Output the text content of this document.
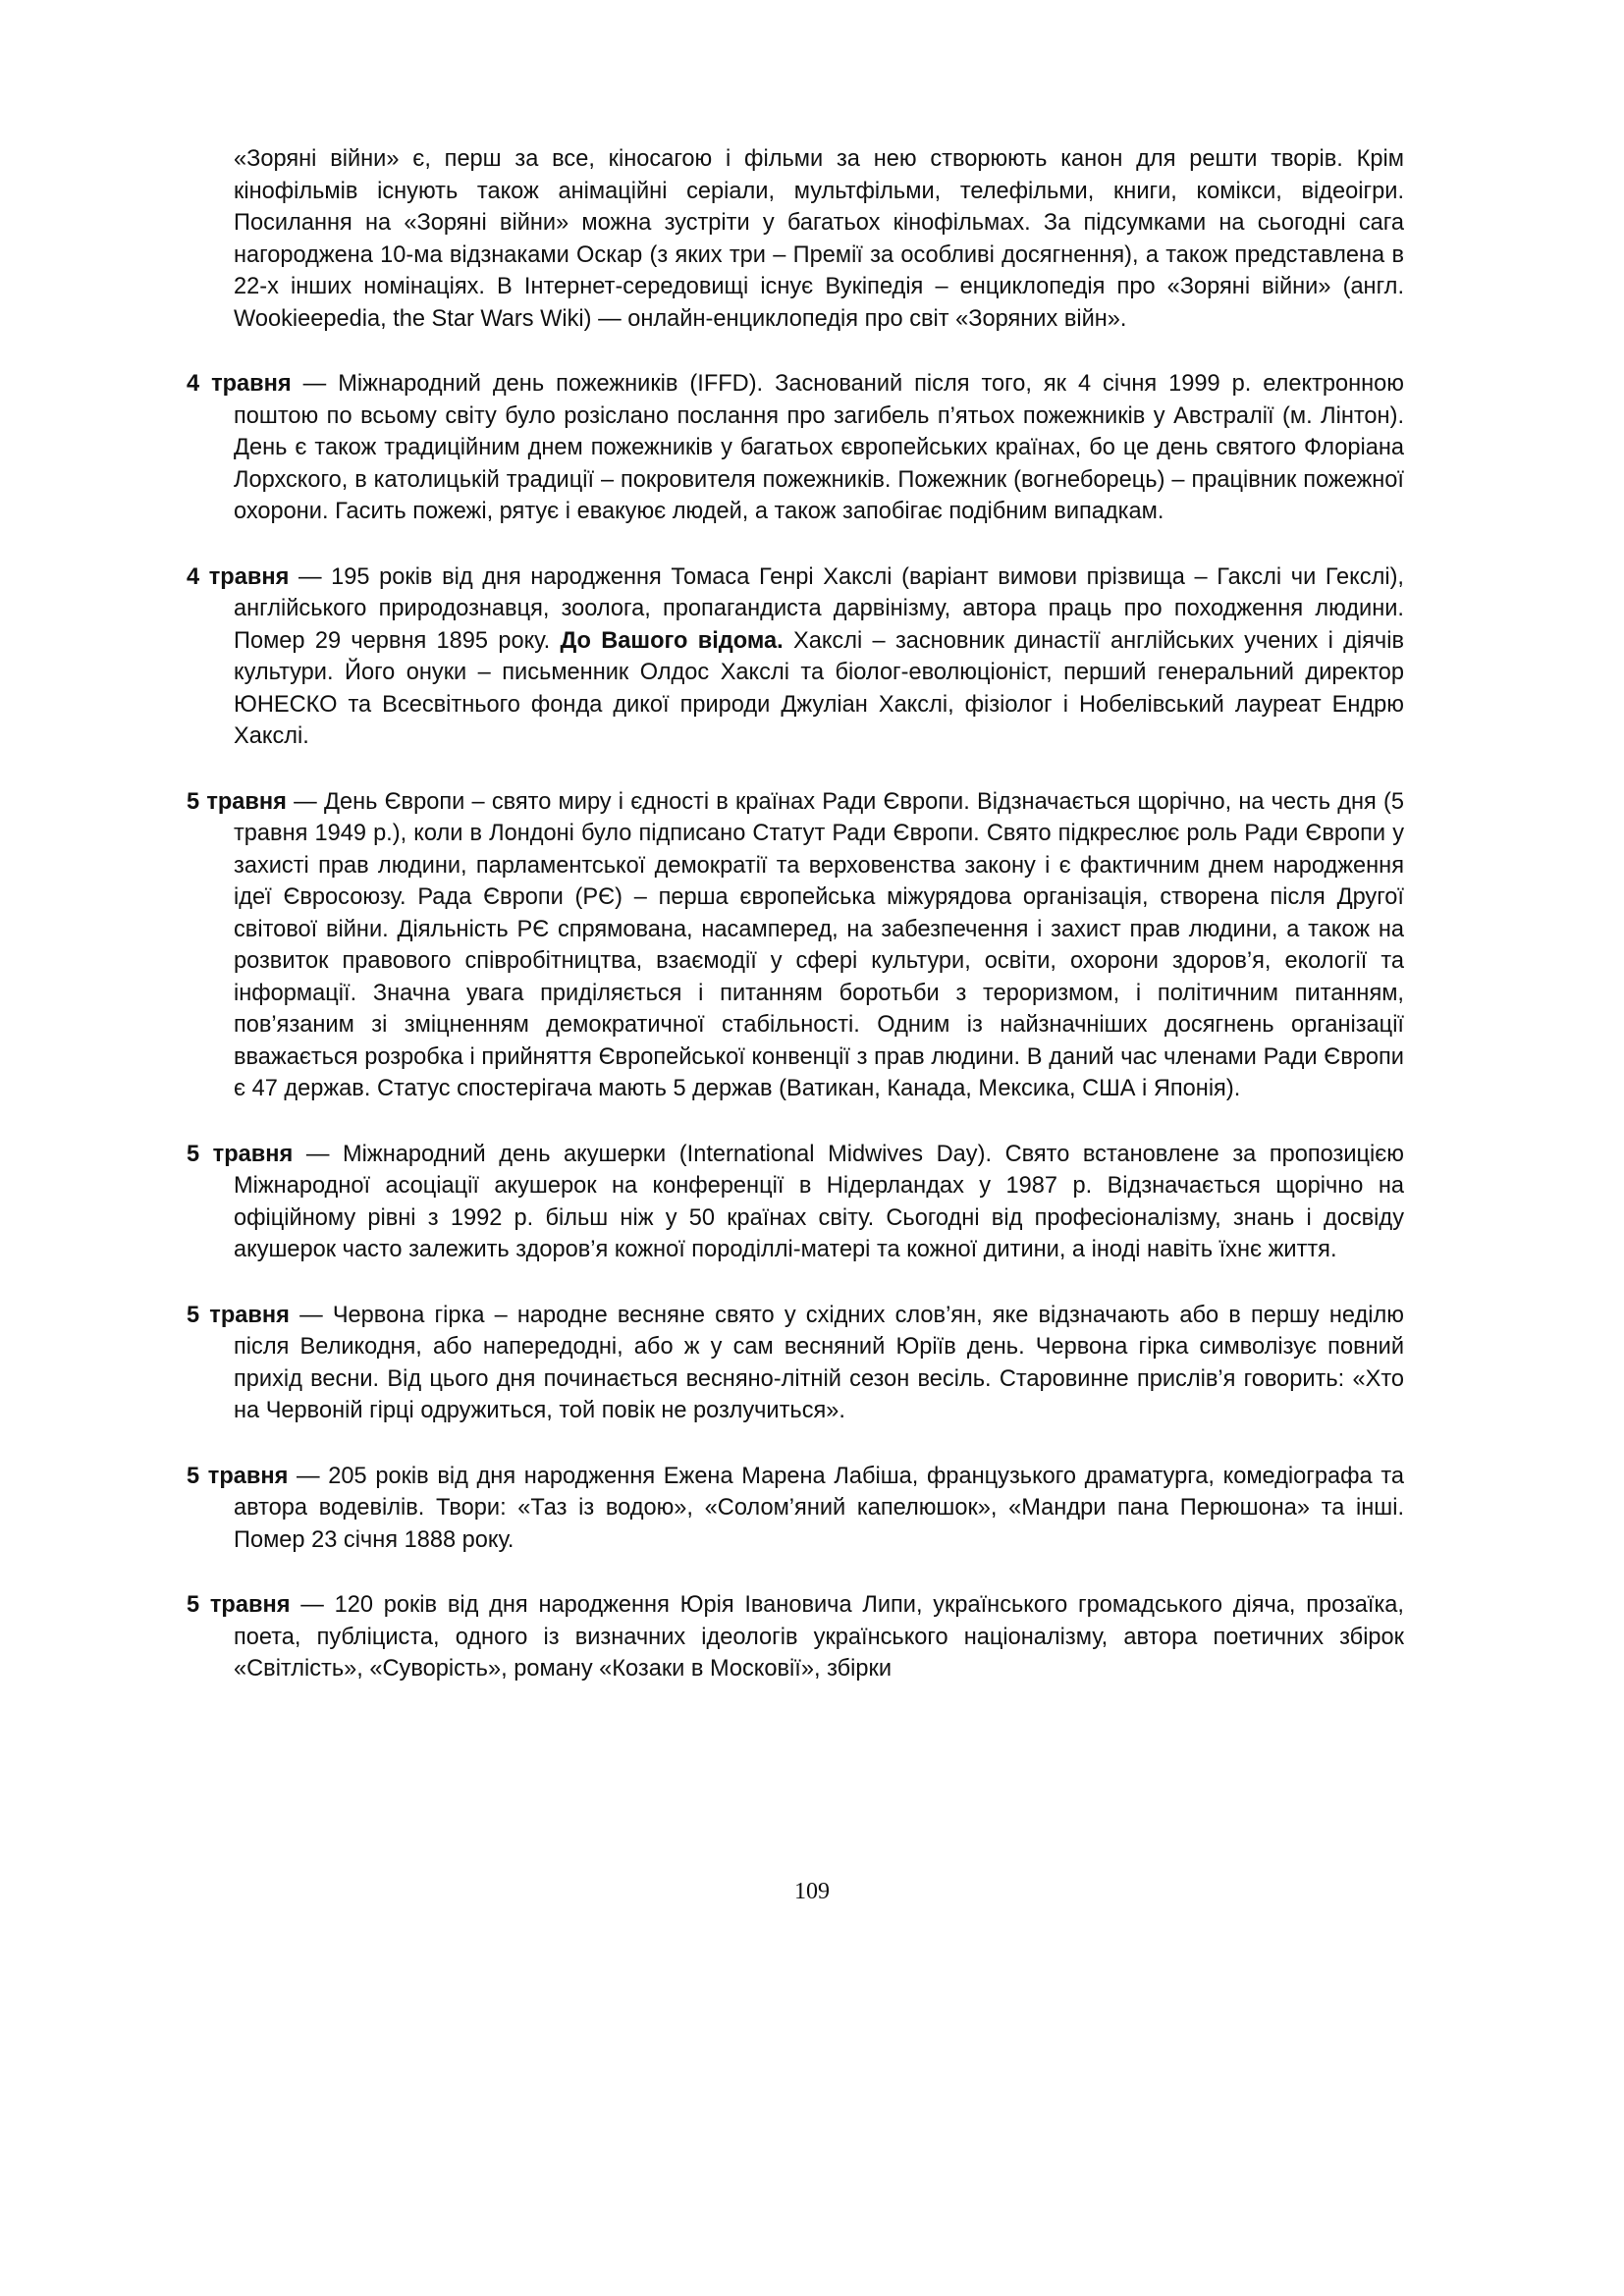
«Зоряні війни» є, перш за все, кіносагою і фільми за нею створюють канон для решти творів. Крім кінофільмів існують також анімаційні серіали, мультфільми, телефільми, книги, комікси, відеоігри. Посилання на «Зоряні війни» можна зустріти у багатьох кінофільмах. За підсумками на сьогодні сага нагороджена 10-ма відзнаками Оскар (з яких три – Премії за особливі досягнення), а також представлена в 22-х інших номінаціях. В Інтернет-середовищі існує Вукіпедія – енциклопедія про «Зоряні війни» (англ. Wookieepedia, the Star Wars Wiki) — онлайн-енциклопедія про світ «Зоряних війн».

4 травня — Міжнародний день пожежників (IFFD). Заснований після того, як 4 січня 1999 р. електронною поштою по всьому світу було розіслано послання про загибель п’ятьох пожежників у Австралії (м. Лінтон). День є також традиційним днем пожежників у багатьох європейських країнах, бо це день святого Флоріана Лорхского, в католицькій традиції – покровителя пожежників. Пожежник (вогнеборець) – працівник пожежної охорони. Гасить пожежі, рятує і евакуює людей, а також запобігає подібним випадкам.

4 травня — 195 років від дня народження Томаса Генрі Хакслі (варіант вимови прізвища – Гакслі чи Гекслі), англійського природознавця, зоолога, пропагандиста дарвінізму, автора праць про походження людини. Помер 29 червня 1895 року. До Вашого відома. Хакслі – засновник династії англійських учених і діячів культури. Його онуки – письменник Олдос Хакслі та біолог-еволюціоніст, перший генеральний директор ЮНЕСКО та Всесвітнього фонда дикої природи Джуліан Хакслі, фізіолог і Нобелівський лауреат Ендрю Хакслі.

5 травня — День Європи – свято миру і єдності в країнах Ради Європи. Відзначається щорічно, на честь дня (5 травня 1949 р.), коли в Лондоні було підписано Статут Ради Європи. Свято підкреслює роль Ради Європи у захисті прав людини, парламентської демократії та верховенства закону і є фактичним днем народження ідеї Євросоюзу. Рада Європи (РЄ) – перша європейська міжурядова організація, створена після Другої світової війни. Діяльність РЄ спрямована, насамперед, на забезпечення і захист прав людини, а також на розвиток правового співробітництва, взаємодії у сфері культури, освіти, охорони здоров’я, екології та інформації. Значна увага приділяється і питанням боротьби з тероризмом, і політичним питанням, пов’язаним зі зміцненням демократичної стабільності. Одним із найзначніших досягнень організації вважається розробка і прийняття Європейської конвенції з прав людини. В даний час членами Ради Європи є 47 держав. Статус спостерігача мають 5 держав (Ватикан, Канада, Мексика, США і Японія).

5 травня — Міжнародний день акушерки (International Midwives Day). Свято встановлене за пропозицією Міжнародної асоціації акушерок на конференції в Нідерландах у 1987 р. Відзначається щорічно на офіційному рівні з 1992 р. більш ніж у 50 країнах світу. Сьогодні від професіоналізму, знань і досвіду акушерок часто залежить здоров’я кожної породіллі-матері та кожної дитини, а іноді навіть їхнє життя.

5 травня — Червона гірка – народне весняне свято у східних слов’ян, яке відзначають або в першу неділю після Великодня, або напередодні, або ж у сам весняний Юріїв день. Червона гірка символізує повний прихід весни. Від цього дня починається весняно-літній сезон весіль. Старовинне прислів’я говорить: «Хто на Червоній гірці одружиться, той повік не розлучиться».

5 травня — 205 років від дня народження Ежена Марена Лабіша, французького драматурга, комедіографа та автора водевілів. Твори: «Таз із водою», «Солом’яний капелюшок», «Мандри пана Перюшона» та інші. Помер 23 січня 1888 року.

5 травня — 120 років від дня народження Юрія Івановича Липи, українського громадського діяча, прозаїка, поета, публіциста, одного із визначних ідеологів українського націоналізму, автора поетичних збірок «Світлість», «Суворість», роману «Козаки в Московії», збірки

109
